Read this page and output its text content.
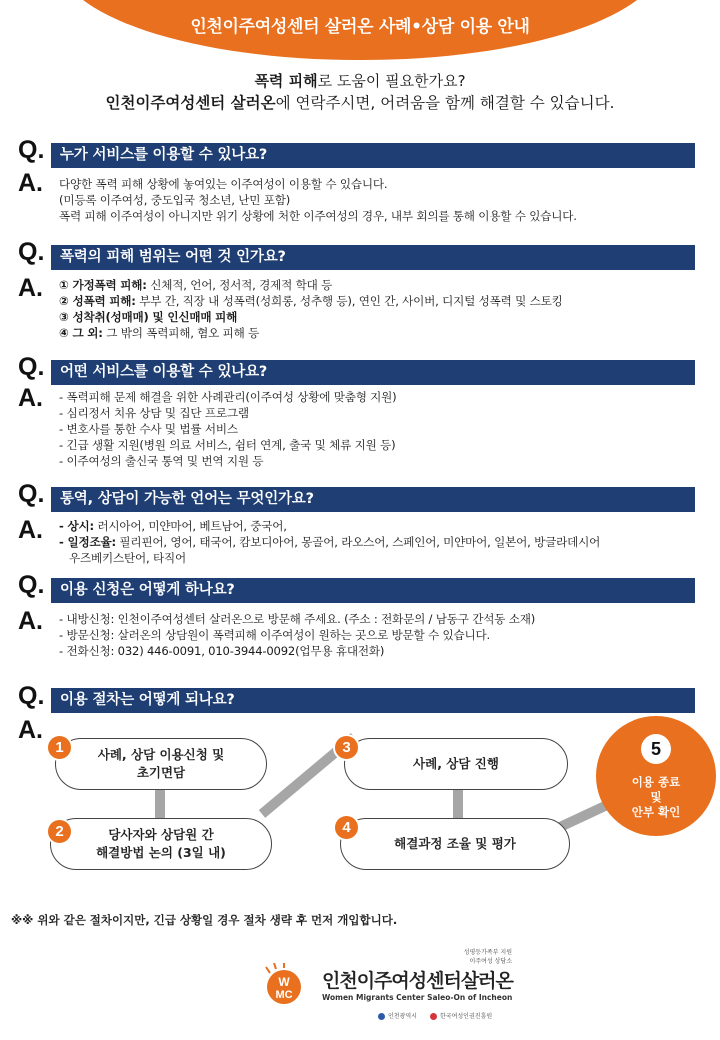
인천이주여성센터 살러온 사례•상담 이용 안내
폭력 피해로 도움이 필요한가요?
인천이주여성센터 살러온에 연락주시면, 어려움을 함께 해결할 수 있습니다.
Q.	누가 서비스를 이용할 수 있나요?
A. 다양한 폭력 피해 상황에 놓여있는 이주여성이 이용할 수 있습니다.
(미등록 이주여성, 중도입국 청소년, 난민 포함)
폭력 피해 이주여성이 아니지만 위기 상황에 처한 이주여성의 경우, 내부 회의를 통해 이용할 수 있습니다.
Q.	폭력의 피해 범위는 어떤 것 인가요?
A. ① 가정폭력 피해: 신체적, 언어, 정서적, 경제적 학대 등
② 성폭력 피해: 부부 간, 직장 내 성폭력(성희롱, 성추행 등), 연인 간, 사이버, 디지털 성폭력 및 스토킹
③ 성착취(성매매) 및 인신매매 피해
④ 그 외: 그 밖의 폭력피해, 혐오 피해 등
Q.	어떤 서비스를 이용할 수 있나요?
A. - 폭력피해 문제 해결을 위한 사례관리(이주여성 상황에 맞춤형 지원)
- 심리정서 치유 상담 및 집단 프로그램
- 변호사를 통한 수사 및 법률 서비스
- 긴급 생활 지원(병원 의료 서비스, 쉼터 연계, 출국 및 체류 지원 등)
- 이주여성의 출신국 통역 및 번역 지원 등
Q.	통역, 상담이 가능한 언어는 무엇인가요?
A. - 상시: 러시아어, 미얀마어, 베트남어, 중국어,
- 일정조율: 필리핀어, 영어, 태국어, 캄보디아어, 몽골어, 라오스어, 스페인어, 미얀마어, 일본어, 방글라데시어
우즈베키스탄어, 타직어
Q.	이용 신청은 어떻게 하나요?
A. - 내방신청: 인천이주여성센터 살러온으로 방문해 주세요. (주소 : 전화문의 / 남동구 간석동 소재)
- 방문신청: 살러온의 상담원이 폭력피해 이주여성이 원하는 곳으로 방문할 수 있습니다.
- 전화신청: 032) 446-0091, 010-3944-0092(업무용 휴대전화)
Q.	이용 절차는 어떻게 되나요?
A.
사례, 상담 이용신청 및
초기면담
1
당사자와 상담원 간
해결방법 논의 (3일 내)
2
사례, 상담 진행
3
해결과정 조율 및 평가
4
5
이용 종료
및
안부 확인
※※ 위와 같은 절차이지만, 긴급 상황일 경우 절차 생략 후 먼저 개입합니다.
성평등가족부 지원
이주여성 상담소
W
MC
인천이주여성센터살러온
Women Migrants Center Saleo-On of Incheon
인천광역시	한국여성인권진흥원
